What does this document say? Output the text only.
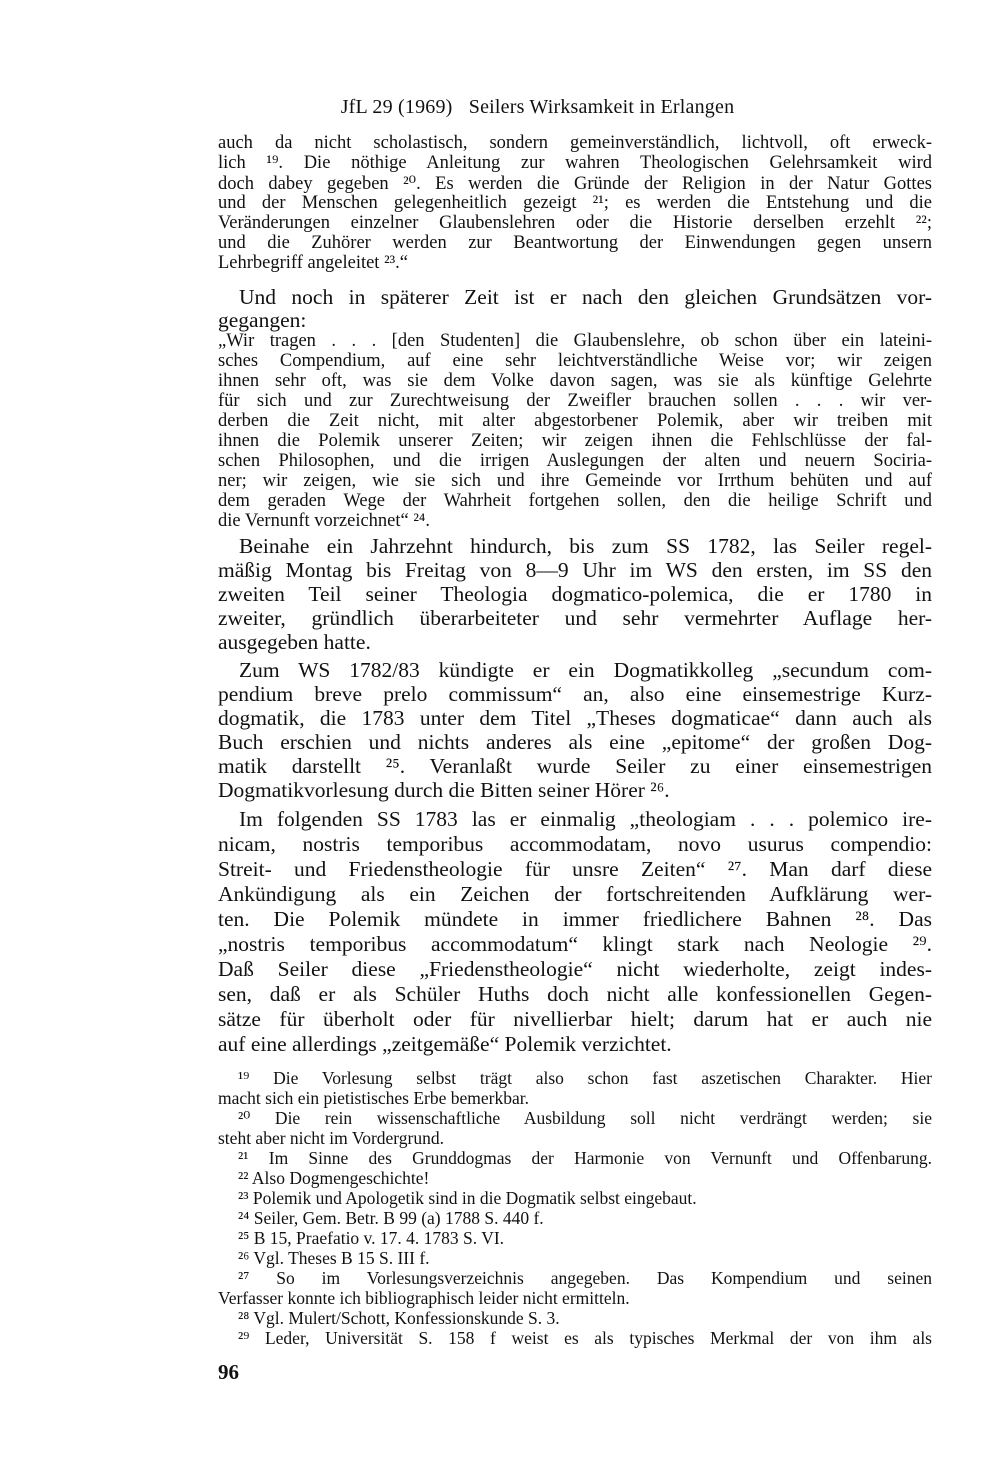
JfL 29 (1969) Seilers Wirksamkeit in Erlangen
auch da nicht scholastisch, sondern gemeinverständlich, lichtvoll, oft erweck-
lich ¹⁹. Die nöthige Anleitung zur wahren Theologischen Gelehrsamkeit wird
doch dabey gegeben ²⁰. Es werden die Gründe der Religion in der Natur Gottes
und der Menschen gelegenheitlich gezeigt ²¹; es werden die Entstehung und die
Veränderungen einzelner Glaubenslehren oder die Historie derselben erzehlt ²²;
und die Zuhörer werden zur Beantwortung der Einwendungen gegen unsern
Lehrbegriff angeleitet ²³.“
Und noch in späterer Zeit ist er nach den gleichen Grundsätzen vor-
gegangen:
„Wir tragen . . . [den Studenten] die Glaubenslehre, ob schon über ein lateini-
sches Compendium, auf eine sehr leichtverständliche Weise vor; wir zeigen
ihnen sehr oft, was sie dem Volke davon sagen, was sie als künftige Gelehrte
für sich und zur Zurechtweisung der Zweifler brauchen sollen . . . wir ver-
derben die Zeit nicht, mit alter abgestorbener Polemik, aber wir treiben mit
ihnen die Polemik unserer Zeiten; wir zeigen ihnen die Fehlschlüsse der fal-
schen Philosophen, und die irrigen Auslegungen der alten und neuern Sociria-
ner; wir zeigen, wie sie sich und ihre Gemeinde vor Irrthum behüten und auf
dem geraden Wege der Wahrheit fortgehen sollen, den die heilige Schrift und
die Vernunft vorzeichnet“ ²⁴.
Beinahe ein Jahrzehnt hindurch, bis zum SS 1782, las Seiler regel-
mäßig Montag bis Freitag von 8—9 Uhr im WS den ersten, im SS den
zweiten Teil seiner Theologia dogmatico-polemica, die er 1780 in
zweiter, gründlich überarbeiteter und sehr vermehrter Auflage her-
ausgegeben hatte.
Zum WS 1782/83 kündigte er ein Dogmatikkolleg „secundum com-
pendium breve prelo commissum“ an, also eine einsemestrige Kurz-
dogmatik, die 1783 unter dem Titel „Theses dogmaticae“ dann auch als
Buch erschien und nichts anderes als eine „epitome“ der großen Dog-
matik darstellt ²⁵. Veranlaßt wurde Seiler zu einer einsemestrigen
Dogmatikvorlesung durch die Bitten seiner Hörer ²⁶.
Im folgenden SS 1783 las er einmalig „theologiam . . . polemico ire-
nicam, nostris temporibus accommodatam, novo usurus compendio:
Streit- und Friedenstheologie für unsre Zeiten“ ²⁷. Man darf diese
Ankündigung als ein Zeichen der fortschreitenden Aufklärung wer-
ten. Die Polemik mündete in immer friedlichere Bahnen ²⁸. Das
„nostris temporibus accommodatum“ klingt stark nach Neologie ²⁹.
Daß Seiler diese „Friedenstheologie“ nicht wiederholte, zeigt indes-
sen, daß er als Schüler Huths doch nicht alle konfessionellen Gegen-
sätze für überholt oder für nivellierbar hielt; darum hat er auch nie
auf eine allerdings „zeitgemäße“ Polemik verzichtet.
¹⁹ Die Vorlesung selbst trägt also schon fast aszetischen Charakter. Hier
macht sich ein pietistisches Erbe bemerkbar.
²⁰ Die rein wissenschaftliche Ausbildung soll nicht verdrängt werden; sie
steht aber nicht im Vordergrund.
²¹ Im Sinne des Grunddogmas der Harmonie von Vernunft und Offenbarung.
²² Also Dogmengeschichte!
²³ Polemik und Apologetik sind in die Dogmatik selbst eingebaut.
²⁴ Seiler, Gem. Betr. B 99 (a) 1788 S. 440 f.
²⁵ B 15, Praefatio v. 17. 4. 1783 S. VI.
²⁶ Vgl. Theses B 15 S. III f.
²⁷ So im Vorlesungsverzeichnis angegeben. Das Kompendium und seinen
Verfasser konnte ich bibliographisch leider nicht ermitteln.
²⁸ Vgl. Mulert/Schott, Konfessionskunde S. 3.
²⁹ Leder, Universität S. 158 f weist es als typisches Merkmal der von ihm als
96
